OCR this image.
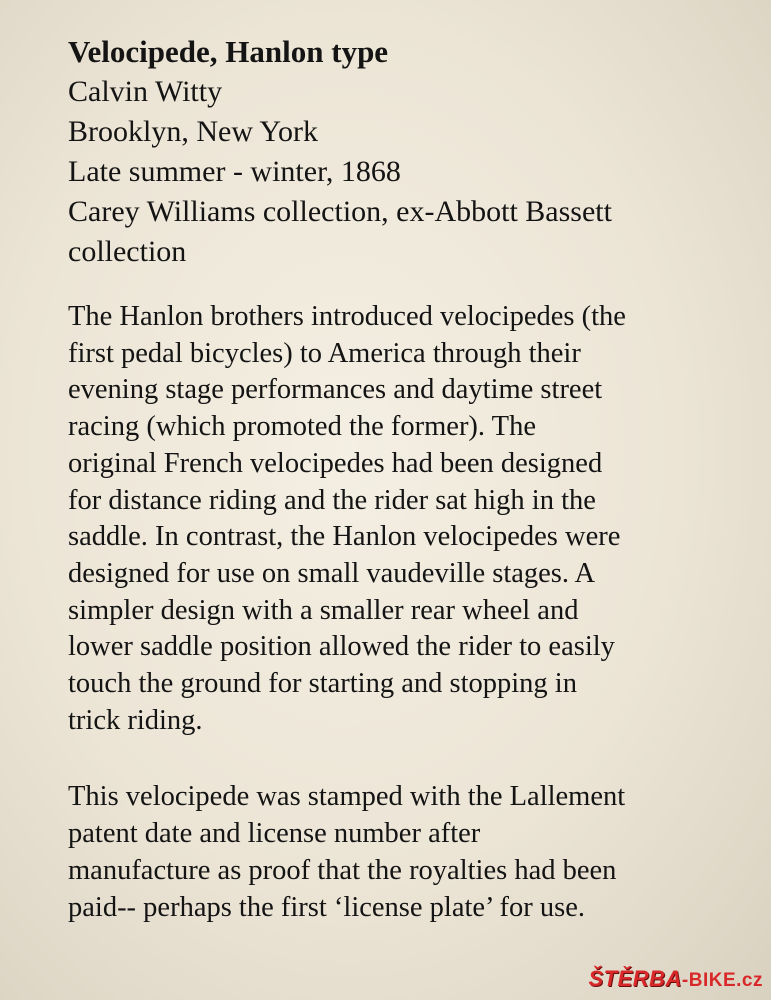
Velocipede, Hanlon type

Calvin Witty

Brooklyn, New York

Late summer - winter, 1868

Carey Williams collection, ex-Abbott Bassett

collection

The Hanlon brothers introduced velocipedes (the
first pedal bicycles) to America through their
evening stage performances and daytime street
racing (which promoted the former). The
original French velocipedes had been designed
for distance riding and the rider sat high in the
saddle. In contrast, the Hanlon velocipedes were
designed for use on small vaudeville stages. A
simpler design with a smaller rear wheel and
lower saddle position allowed the rider to easily
touch the ground for starting and stopping in
trick riding.
This velocipede was stamped with the Lallement
patent date and license number after
manufacture as proof that the royalties had been
paid-- perhaps the first ‘license plate’ for use.
ŠTĚRBA-BIKE.cz
